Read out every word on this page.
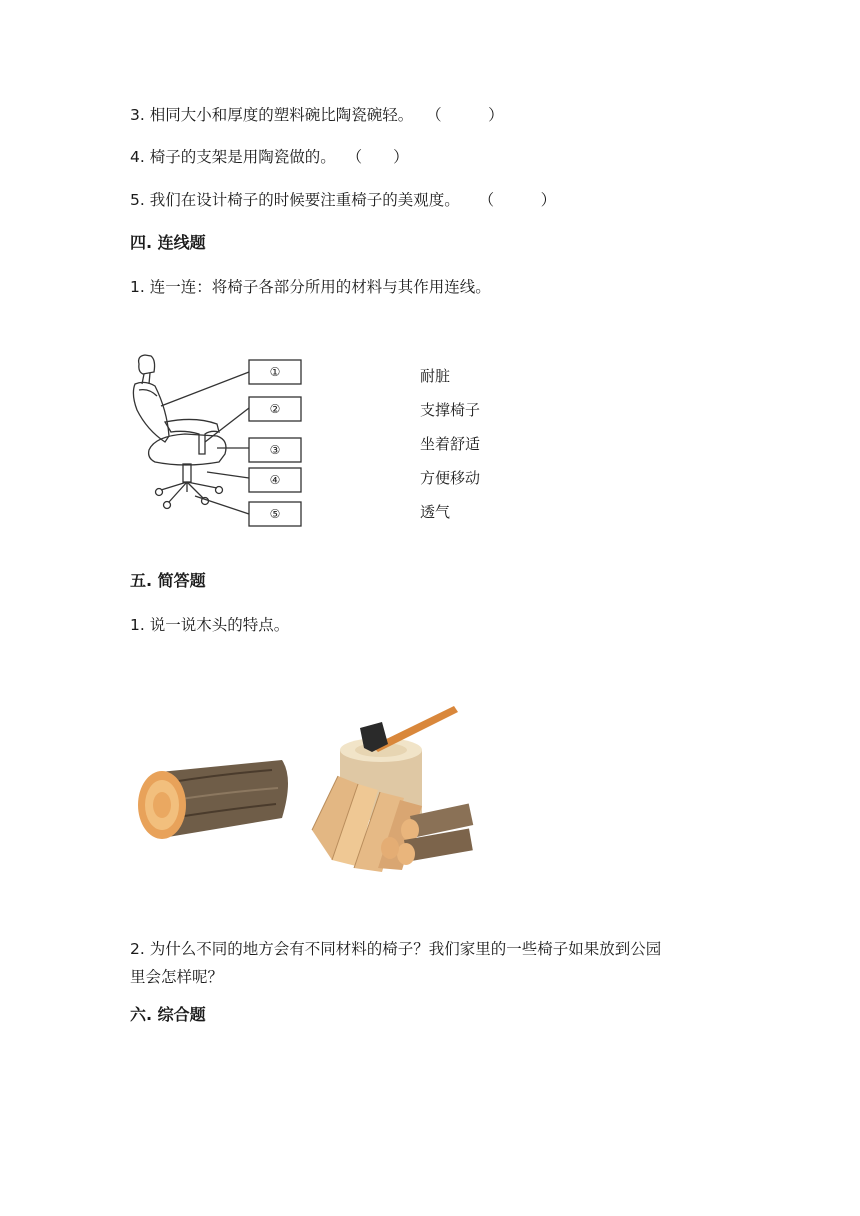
3. 相同大小和厚度的塑料碗比陶瓷碗轻。 （　　　）
4. 椅子的支架是用陶瓷做的。 （　　）
5. 我们在设计椅子的时候要注重椅子的美观度。 （　　　）
四. 连线题
1. 连一连：将椅子各部分所用的材料与其作用连线。
①
②
③
④
⑤
耐脏
支撑椅子
坐着舒适
方便移动
透气
五. 简答题
1. 说一说木头的特点。
2. 为什么不同的地方会有不同材料的椅子？我们家里的一些椅子如果放到公园
里会怎样呢？
六. 综合题
